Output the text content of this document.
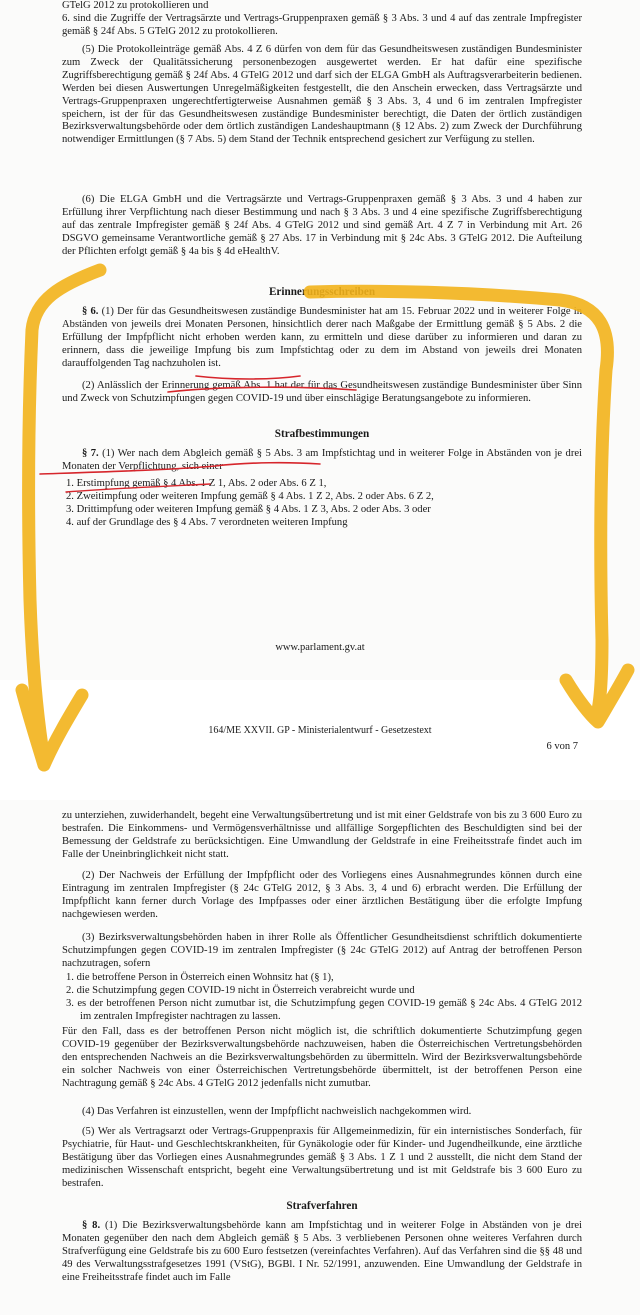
GTelG 2012 zu protokollieren und
6. sind die Zugriffe der Vertragsärzte und Vertrags-Gruppenpraxen gemäß § 3 Abs. 3 und 4 auf das zentrale Impfregister gemäß § 24f Abs. 5 GTelG 2012 zu protokollieren.
(5) Die Protokolleinträge gemäß Abs. 4 Z 6 dürfen von dem für das Gesundheitswesen zuständigen Bundesminister zum Zweck der Qualitätssicherung personenbezogen ausgewertet werden. Er hat dafür eine spezifische Zugriffsberechtigung gemäß § 24f Abs. 4 GTelG 2012 und darf sich der ELGA GmbH als Auftragsverarbeiterin bedienen. Werden bei diesen Auswertungen Unregelmäßigkeiten festgestellt, die den Anschein erwecken, dass Vertragsärzte und Vertrags-Gruppenpraxen ungerechtfertigterweise Ausnahmen gemäß § 3 Abs. 3, 4 und 6 im zentralen Impfregister speichern, ist der für das Gesundheitswesen zuständige Bundesminister berechtigt, die Daten der örtlich zuständigen Bezirksverwaltungsbehörde oder dem örtlich zuständigen Landeshauptmann (§ 12 Abs. 2) zum Zweck der Durchführung notwendiger Ermittlungen (§ 7 Abs. 5) dem Stand der Technik entsprechend gesichert zur Verfügung zu stellen.
(6) Die ELGA GmbH und die Vertragsärzte und Vertrags-Gruppenpraxen gemäß § 3 Abs. 3 und 4 haben zur Erfüllung ihrer Verpflichtung nach dieser Bestimmung und nach § 3 Abs. 3 und 4 eine spezifische Zugriffsberechtigung auf das zentrale Impfregister gemäß § 24f Abs. 4 GTelG 2012 und sind gemäß Art. 4 Z 7 in Verbindung mit Art. 26 DSGVO gemeinsame Verantwortliche gemäß § 27 Abs. 17 in Verbindung mit § 24c Abs. 3 GTelG 2012. Die Aufteilung der Pflichten erfolgt gemäß § 4a bis § 4d eHealthV.
Erinnerungsschreiben
§ 6. (1) Der für das Gesundheitswesen zuständige Bundesminister hat am 15. Februar 2022 und in weiterer Folge in Abständen von jeweils drei Monaten Personen, hinsichtlich derer nach Maßgabe der Ermittlung gemäß § 5 Abs. 2 die Erfüllung der Impfpflicht nicht erhoben werden kann, zu ermitteln und diese darüber zu informieren und daran zu erinnern, dass die jeweilige Impfung bis zum Impfstichtag oder zu dem im Abstand von jeweils drei Monaten darauffolgenden Tag nachzuholen ist.
(2) Anlässlich der Erinnerung gemäß Abs. 1 hat der für das Gesundheitswesen zuständige Bundesminister über Sinn und Zweck von Schutzimpfungen gegen COVID-19 und über einschlägige Beratungsangebote zu informieren.
Strafbestimmungen
§ 7. (1) Wer nach dem Abgleich gemäß § 5 Abs. 3 am Impfstichtag und in weiterer Folge in Abständen von je drei Monaten der Verpflichtung, sich einer
1. Erstimpfung gemäß § 4 Abs. 1 Z 1, Abs. 2 oder Abs. 6 Z 1,
2. Zweitimpfung oder weiteren Impfung gemäß § 4 Abs. 1 Z 2, Abs. 2 oder Abs. 6 Z 2,
3. Drittimpfung oder weiteren Impfung gemäß § 4 Abs. 1 Z 3, Abs. 2 oder Abs. 3 oder
4. auf der Grundlage des § 4 Abs. 7 verordneten weiteren Impfung
www.parlament.gv.at
164/ME XXVII. GP - Ministerialentwurf - Gesetzestext
6 von 7
zu unterziehen, zuwiderhandelt, begeht eine Verwaltungsübertretung und ist mit einer Geldstrafe von bis zu 3 600 Euro zu bestrafen. Die Einkommens- und Vermögensverhältnisse und allfällige Sorgepflichten des Beschuldigten sind bei der Bemessung der Geldstrafe zu berücksichtigen. Eine Umwandlung der Geldstrafe in eine Freiheitsstrafe findet auch im Falle der Uneinbringlichkeit nicht statt.
(2) Der Nachweis der Erfüllung der Impfpflicht oder des Vorliegens eines Ausnahmegrundes können durch eine Eintragung im zentralen Impfregister (§ 24c GTelG 2012, § 3 Abs. 3, 4 und 6) erbracht werden. Die Erfüllung der Impfpflicht kann ferner durch Vorlage des Impfpasses oder einer ärztlichen Bestätigung über die erfolgte Impfung nachgewiesen werden.
(3) Bezirksverwaltungsbehörden haben in ihrer Rolle als Öffentlicher Gesundheitsdienst schriftlich dokumentierte Schutzimpfungen gegen COVID-19 im zentralen Impfregister (§ 24c GTelG 2012) auf Antrag der betroffenen Person nachzutragen, sofern
1. die betroffene Person in Österreich einen Wohnsitz hat (§ 1),
2. die Schutzimpfung gegen COVID-19 nicht in Österreich verabreicht wurde und
3. es der betroffenen Person nicht zumutbar ist, die Schutzimpfung gegen COVID-19 gemäß § 24c Abs. 4 GTelG 2012 im zentralen Impfregister nachtragen zu lassen.
Für den Fall, dass es der betroffenen Person nicht möglich ist, die schriftlich dokumentierte Schutzimpfung gegen COVID-19 gegenüber der Bezirksverwaltungsbehörde nachzuweisen, haben die Österreichischen Vertretungsbehörden den entsprechenden Nachweis an die Bezirksverwaltungsbehörden zu übermitteln. Wird der Bezirksverwaltungsbehörde ein solcher Nachweis von einer Österreichischen Vertretungsbehörde übermittelt, ist der betroffenen Person eine Nachtragung gemäß § 24c Abs. 4 GTelG 2012 jedenfalls nicht zumutbar.
(4) Das Verfahren ist einzustellen, wenn der Impfpflicht nachweislich nachgekommen wird.
(5) Wer als Vertragsarzt oder Vertrags-Gruppenpraxis für Allgemeinmedizin, für ein internistisches Sonderfach, für Psychiatrie, für Haut- und Geschlechtskrankheiten, für Gynäkologie oder für Kinder- und Jugendheilkunde, eine ärztliche Bestätigung über das Vorliegen eines Ausnahmegrundes gemäß § 3 Abs. 1 Z 1 und 2 ausstellt, die nicht dem Stand der medizinischen Wissenschaft entspricht, begeht eine Verwaltungsübertretung und ist mit Geldstrafe bis 3 600 Euro zu bestrafen.
Strafverfahren
§ 8. (1) Die Bezirksverwaltungsbehörde kann am Impfstichtag und in weiterer Folge in Abständen von je drei Monaten gegenüber den nach dem Abgleich gemäß § 5 Abs. 3 verbliebenen Personen ohne weiteres Verfahren durch Strafverfügung eine Geldstrafe bis zu 600 Euro festsetzen (vereinfachtes Verfahren). Auf das Verfahren sind die §§ 48 und 49 des Verwaltungsstrafgesetzes 1991 (VStG), BGBl. I Nr. 52/1991, anzuwenden. Eine Umwandlung der Geldstrafe in eine Freiheitsstrafe findet auch im Falle
